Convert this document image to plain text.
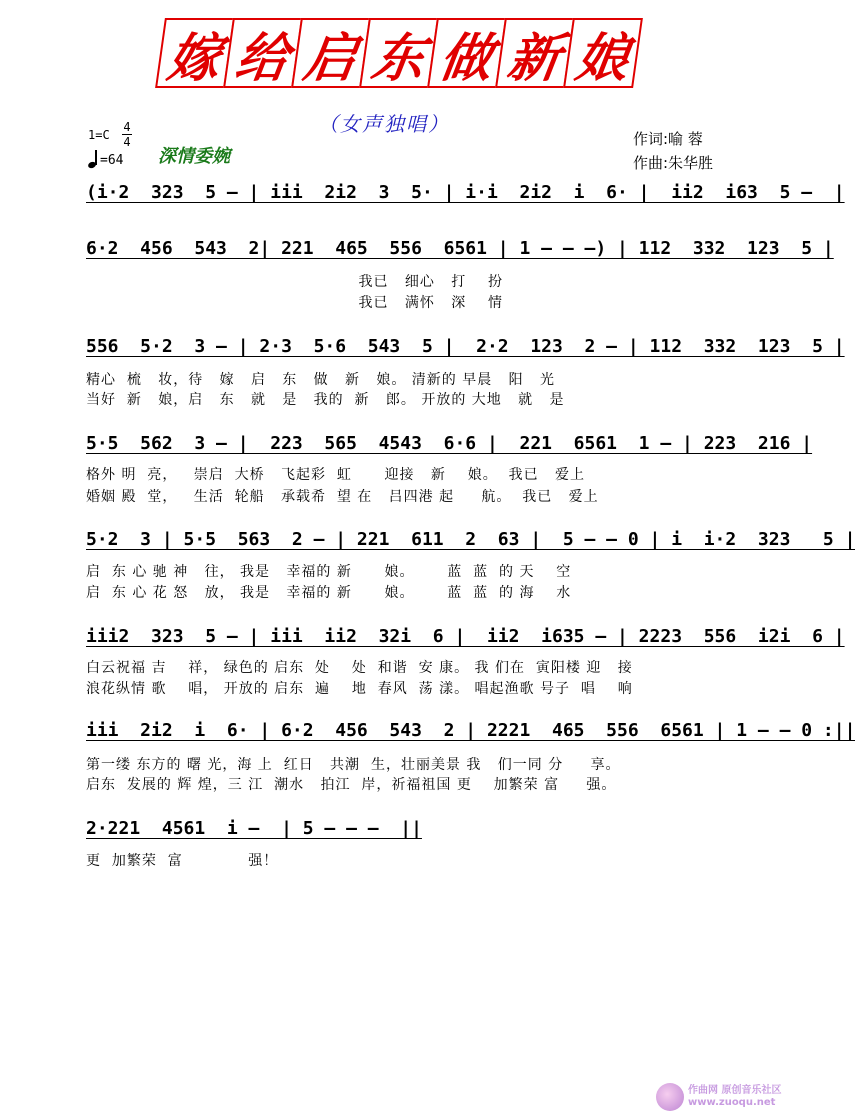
嫁 给 启 东 做 新 娘
（女声独唱）
1=C
4
4
=64 深情委婉
作词:喻 蓉
作曲:朱华胜

(i·2  323  5 – | iii  2i2  3  5· | i·i  2i2  i  6· |  ii2  i63  5 –  |

6·2  456  543  2| 221  465  556  6561 | 1 – – –) | 112  332  123  5 |

我已   细心   打    扮
我已   满怀   深    情

556  5·2  3 – | 2·3  5·6  543  5 |  2·2  123  2 – | 112  332  123  5 |

精心  梳   妆，待   嫁   启   东   做   新   娘。 清新的 早晨   阳   光
当好  新   娘，启   东   就   是   我的  新   郎。 开放的 大地   就   是

5·5  562  3 – |  223  565  4543  6·6 |  221  6561  1 – | 223  216 |

格外 明  亮，   崇启  大桥   飞起彩  虹      迎接   新    娘。  我已   爱上
婚姻 殿  堂，   生活  轮船   承载希  望 在   吕四港 起     航。  我已   爱上

5·2  3 | 5·5  563  2 – | 221  611  2  63 |  5 – – 0 | i  i·2  323   5 |

启  东 心 驰 神   往， 我是   幸福的 新      娘。      蓝  蓝  的 天    空
启  东 心 花 怒   放， 我是   幸福的 新      娘。      蓝  蓝  的 海    水

iii2  323  5 – | iii  ii2  32i  6 |  ii2  i635 – | 2223  556  i2i  6 |

白云祝福 吉    祥， 绿色的 启东  处    处  和谐  安 康。 我 们在  寅阳楼 迎   接
浪花纵情 歌    唱， 开放的 启东  遍    地  春风  荡 漾。 唱起渔歌 号子  唱    响

iii  2i2  i  6· | 6·2  456  543  2 | 2221  465  556  6561 | 1 – – 0 :||

第一缕 东方的 曙 光，海 上  红日   共潮  生，壮丽美景 我   们一同 分     享。
启东  发展的 辉 煌，三 江  潮水   拍江  岸，祈福祖国 更    加繁荣 富     强。

2·221  4561  i –  | 5 – – –  ||

更  加繁荣  富            强！
作曲网 原创音乐社区
www.zuoqu.net
